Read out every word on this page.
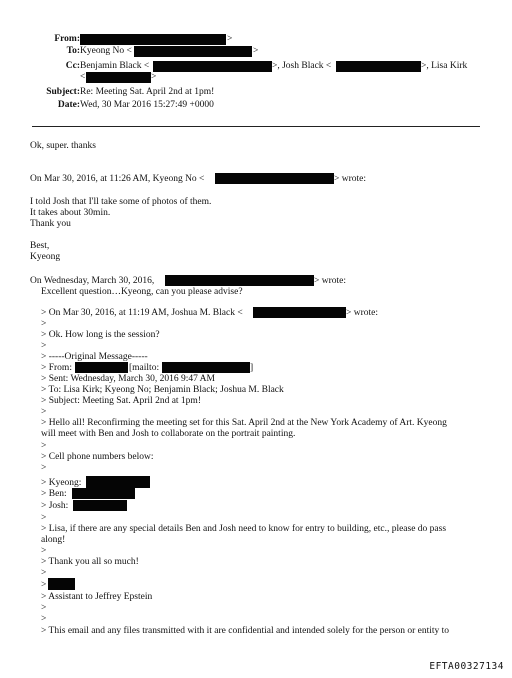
From:	>
To: Kyeong No <	>
Cc: Benjamin Black <	>, Josh Black <	>, Lisa Kirk
<	>
Subject: Re: Meeting Sat. April 2nd at 1pm!
Date: Wed, 30 Mar 2016 15:27:49 +0000
Ok, super. thanks
On Mar 30, 2016, at 11:26 AM, Kyeong No <	> wrote:
I told Josh that I'll take some of photos of them.
It takes about 30min.
Thank you
Best,
Kyeong
On Wednesday, March 30, 2016,	> wrote:
Excellent question…Kyeong, can you please advise?
> On Mar 30, 2016, at 11:19 AM, Joshua M. Black <	> wrote:
>
> Ok. How long is the session?
>
> -----Original Message-----
> From:	[mailto:	]
> Sent: Wednesday, March 30, 2016 9:47 AM
> To: Lisa Kirk; Kyeong No; Benjamin Black; Joshua M. Black
> Subject: Meeting Sat. April 2nd at 1pm!
>
> Hello all! Reconfirming the meeting set for this Sat. April 2nd at the New York Academy of Art. Kyeong
will meet with Ben and Josh to collaborate on the portrait painting.
>
> Cell phone numbers below:
>
> Kyeong:
> Ben:
> Josh:
>
> Lisa, if there are any special details Ben and Josh need to know for entry to building, etc., please do pass
along!
>
> Thank you all so much!
>
>
> Assistant to Jeffrey Epstein
>
>
> This email and any files transmitted with it are confidential and intended solely for the person or entity to
EFTA00327134
